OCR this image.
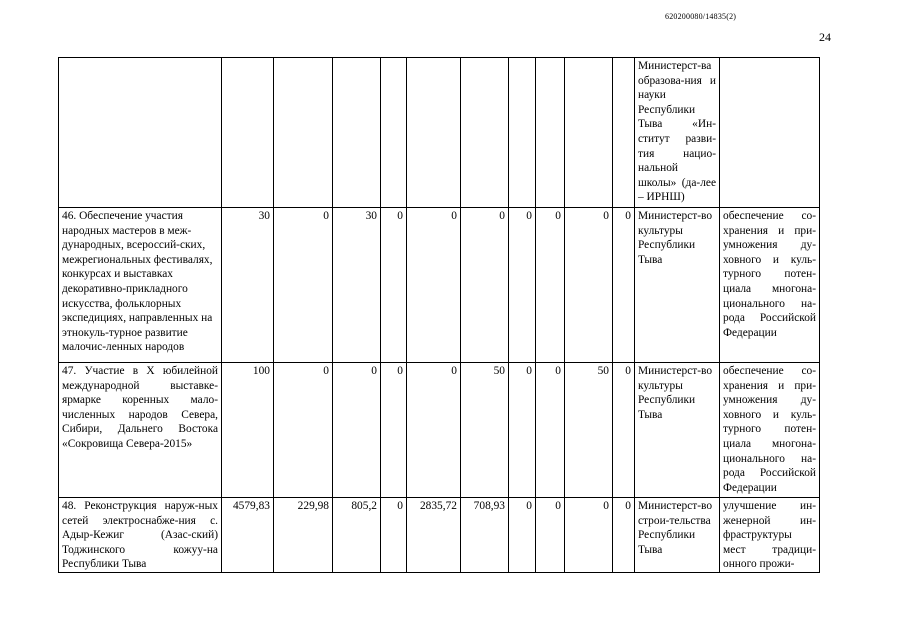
620200080/14835(2)
24
											Министерст-ва образова-ния и науки Республики Тыва «Ин-ститут разви-тия нацио-нальной школы» (да-лее – ИРНШ)	
46. Обеспечение участия народных мастеров в меж-дународных, всероссий-ских, межрегиональных фестивалях, конкурсах и выставках декоративно-прикладного искусства, фольклорных экспедициях, направленных на этнокуль-турное развитие малочис-ленных народов	30	0	30	0	0	0	0	0	0	0	Министерст-во культуры Республики Тыва	обеспечение со-хранения и при-умножения ду-ховного и куль-турного потен-циала многона-ционального на-рода Российской Федерации
47. Участие в X юбилейной международной выставке-ярмарке коренных мало-численных народов Севера, Сибири, Дальнего Востока «Сокровища Севера-2015»	100	0	0	0	0	50	0	0	50	0	Министерст-во культуры Республики Тыва	обеспечение со-хранения и при-умножения ду-ховного и куль-турного потен-циала многона-ционального на-рода Российской Федерации
48. Реконструкция наруж-ных сетей электроснабже-ния с. Адыр-Кежиг (Азас-ский) Тоджинского кожуу-на Республики Тыва	4579,83	229,98	805,2	0	2835,72	708,93	0	0	0	0	Министерст-во строи-тельства Республики Тыва	улучшение ин-женерной ин-фраструктуры мест традици-онного прожи-
